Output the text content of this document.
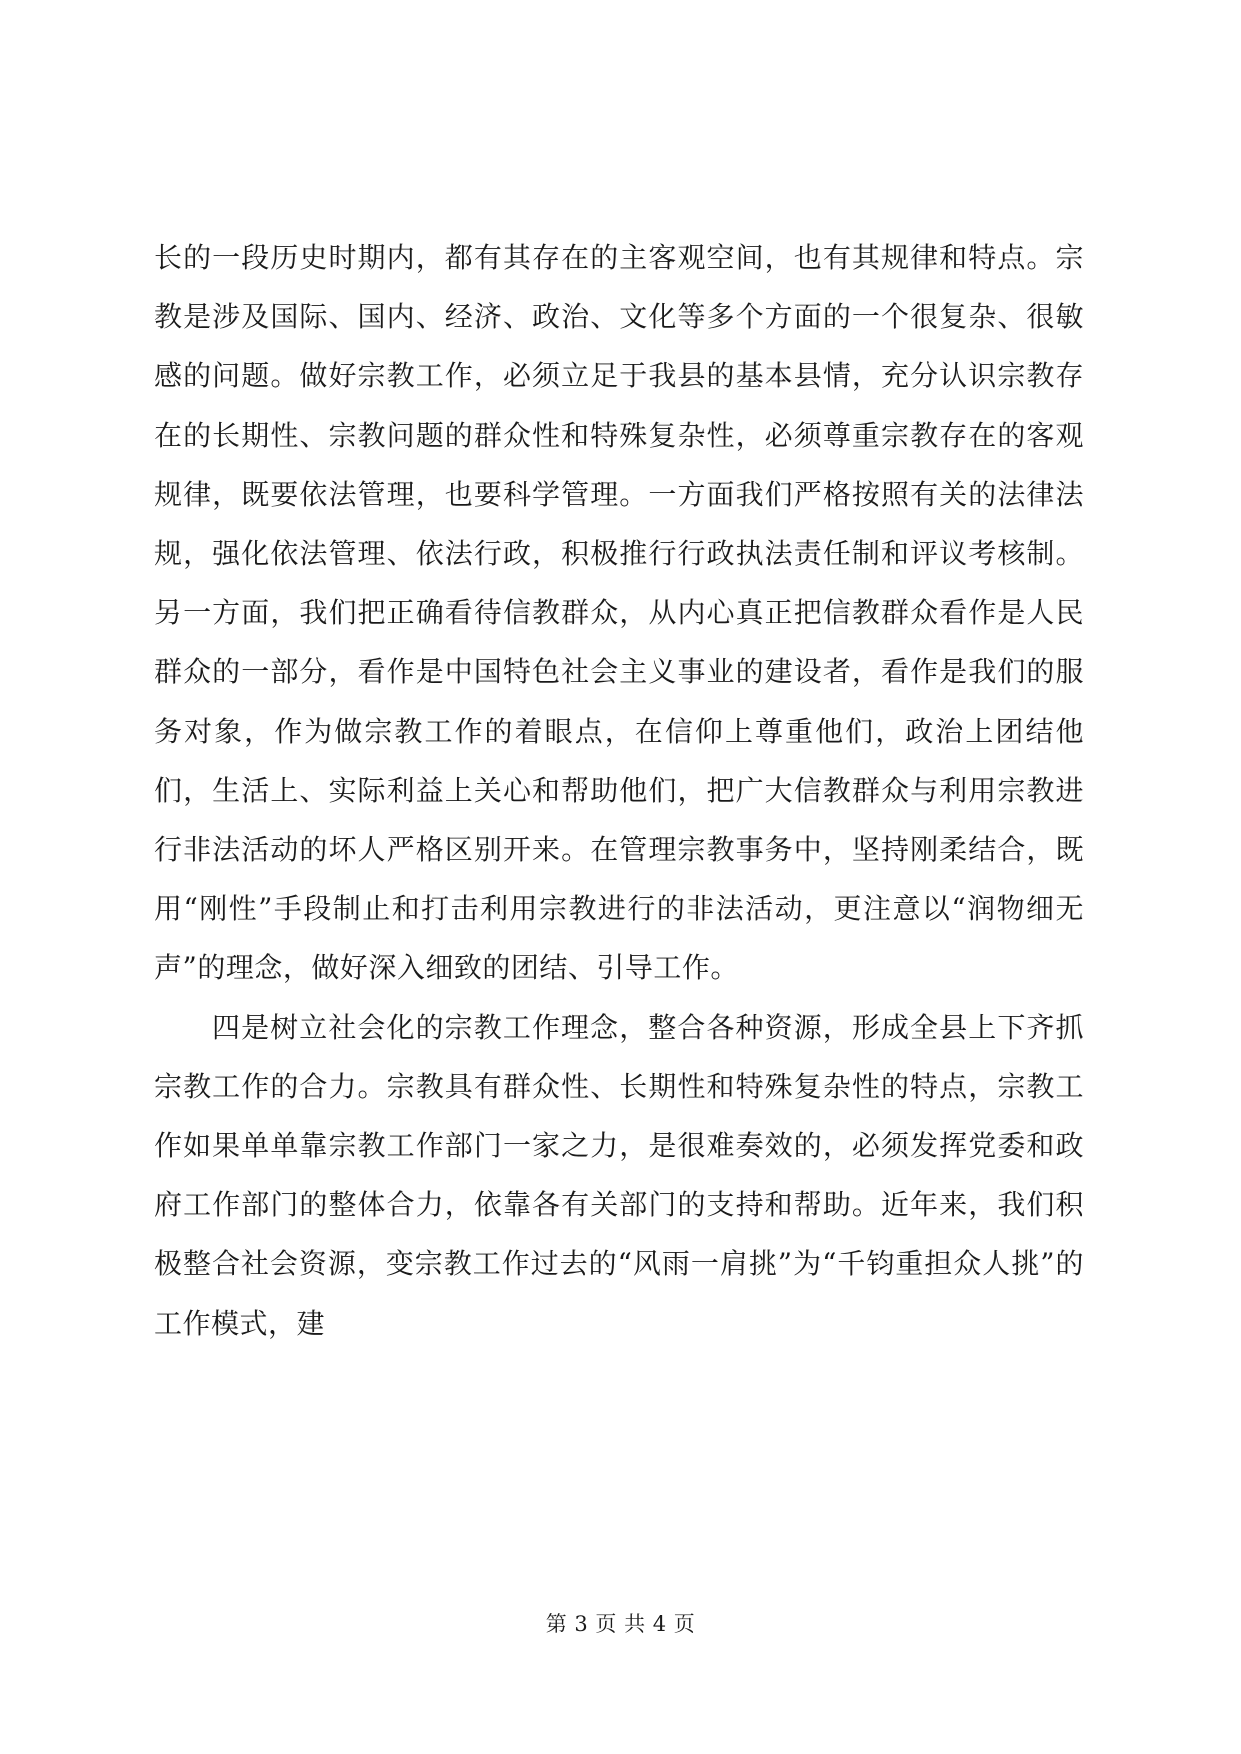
长的一段历史时期内，都有其存在的主客观空间，也有其规律和特点。宗教是涉及国际、国内、经济、政治、文化等多个方面的一个很复杂、很敏感的问题。做好宗教工作，必须立足于我县的基本县情，充分认识宗教存在的长期性、宗教问题的群众性和特殊复杂性，必须尊重宗教存在的客观规律，既要依法管理，也要科学管理。一方面我们严格按照有关的法律法规，强化依法管理、依法行政，积极推行行政执法责任制和评议考核制。另一方面，我们把正确看待信教群众，从内心真正把信教群众看作是人民群众的一部分，看作是中国特色社会主义事业的建设者，看作是我们的服务对象，作为做宗教工作的着眼点，在信仰上尊重他们，政治上团结他们，生活上、实际利益上关心和帮助他们，把广大信教群众与利用宗教进行非法活动的坏人严格区别开来。在管理宗教事务中，坚持刚柔结合，既用“刚性”手段制止和打击利用宗教进行的非法活动，更注意以“润物细无声”的理念，做好深入细致的团结、引导工作。

四是树立社会化的宗教工作理念，整合各种资源，形成全县上下齐抓宗教工作的合力。宗教具有群众性、长期性和特殊复杂性的特点，宗教工作如果单单靠宗教工作部门一家之力，是很难奏效的，必须发挥党委和政府工作部门的整体合力，依靠各有关部门的支持和帮助。近年来，我们积极整合社会资源，变宗教工作过去的“风雨一肩挑”为“千钧重担众人挑”的工作模式，建

第 3 页 共 4 页
